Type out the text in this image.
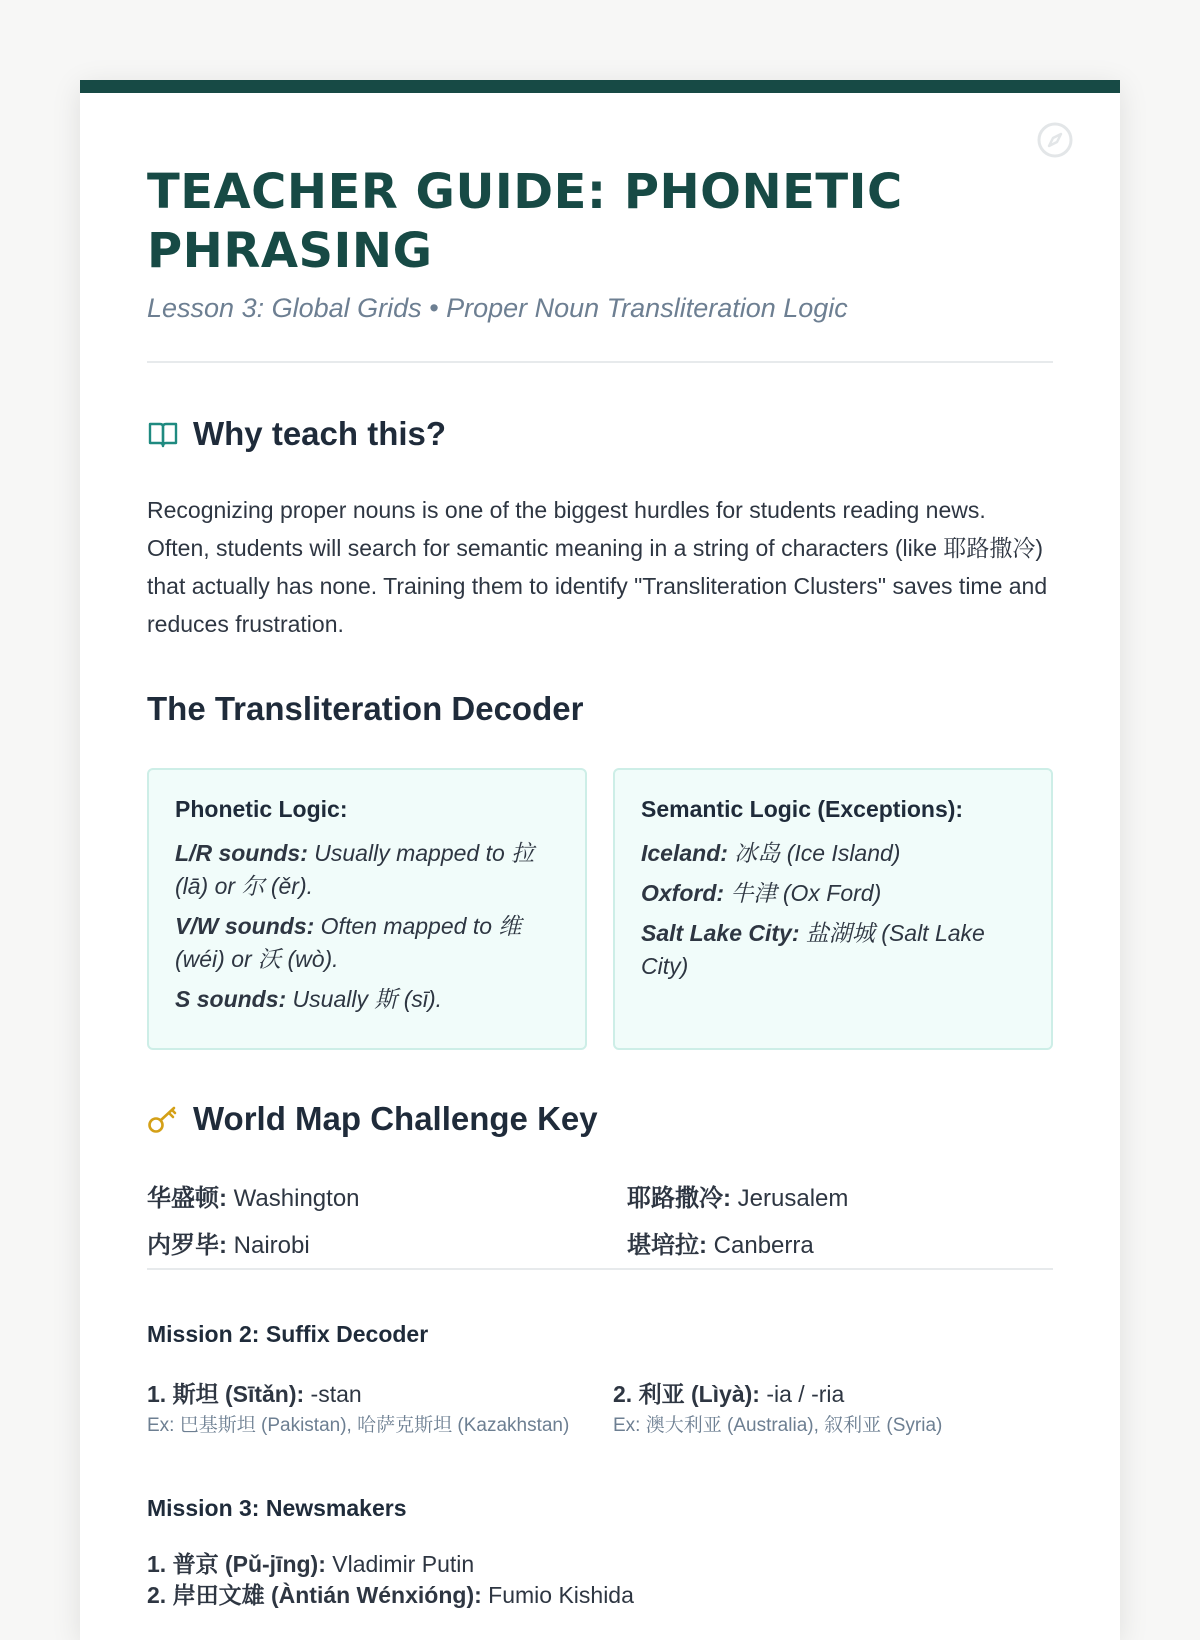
TEACHER GUIDE: PHONETIC PHRASING
Lesson 3: Global Grids • Proper Noun Transliteration Logic
Why teach this?
Recognizing proper nouns is one of the biggest hurdles for students reading news. Often, students will search for semantic meaning in a string of characters (like 耶路撒冷) that actually has none. Training them to identify "Transliteration Clusters" saves time and reduces frustration.
The Transliteration Decoder
Phonetic Logic:
L/R sounds: Usually mapped to 拉 (lā) or 尔 (ěr).
V/W sounds: Often mapped to 维 (wéi) or 沃 (wò).
S sounds: Usually 斯 (sī).
Semantic Logic (Exceptions):
Iceland: 冰岛 (Ice Island)
Oxford: 牛津 (Ox Ford)
Salt Lake City: 盐湖城 (Salt Lake City)
World Map Challenge Key
华盛顿: Washington	耶路撒冷: Jerusalem
内罗毕: Nairobi	堪培拉: Canberra
Mission 2: Suffix Decoder
1. 斯坦 (Sītǎn): -stan
Ex: 巴基斯坦 (Pakistan), 哈萨克斯坦 (Kazakhstan)
2. 利亚 (Lìyà): -ia / -ria
Ex: 澳大利亚 (Australia), 叙利亚 (Syria)
Mission 3: Newsmakers
1. 普京 (Pǔ-jīng): Vladimir Putin
2. 岸田文雄 (Àntián Wénxióng): Fumio Kishida
